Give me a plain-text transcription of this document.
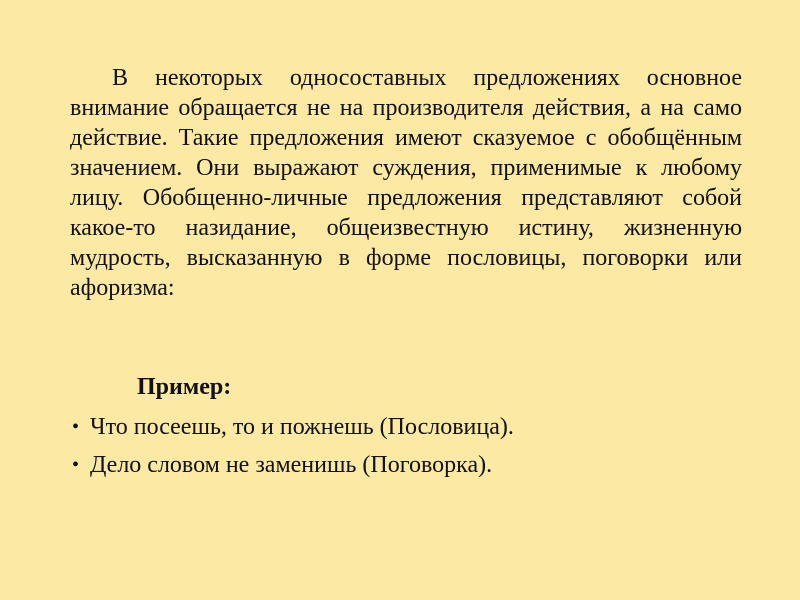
В некоторых односоставных предложениях основное внимание обращается не на производителя действия, а на само действие. Такие предложения имеют сказуемое с обобщённым значением. Они выражают суждения, применимые к любому лицу. Обобщенно-личные предложения представляют собой какое-то назидание, общеизвестную истину, жизненную мудрость, высказанную в форме пословицы, поговорки или афоризма:

Пример:
• Что посеешь, то и пожнешь (Пословица).
• Дело словом не заменишь (Поговорка).
